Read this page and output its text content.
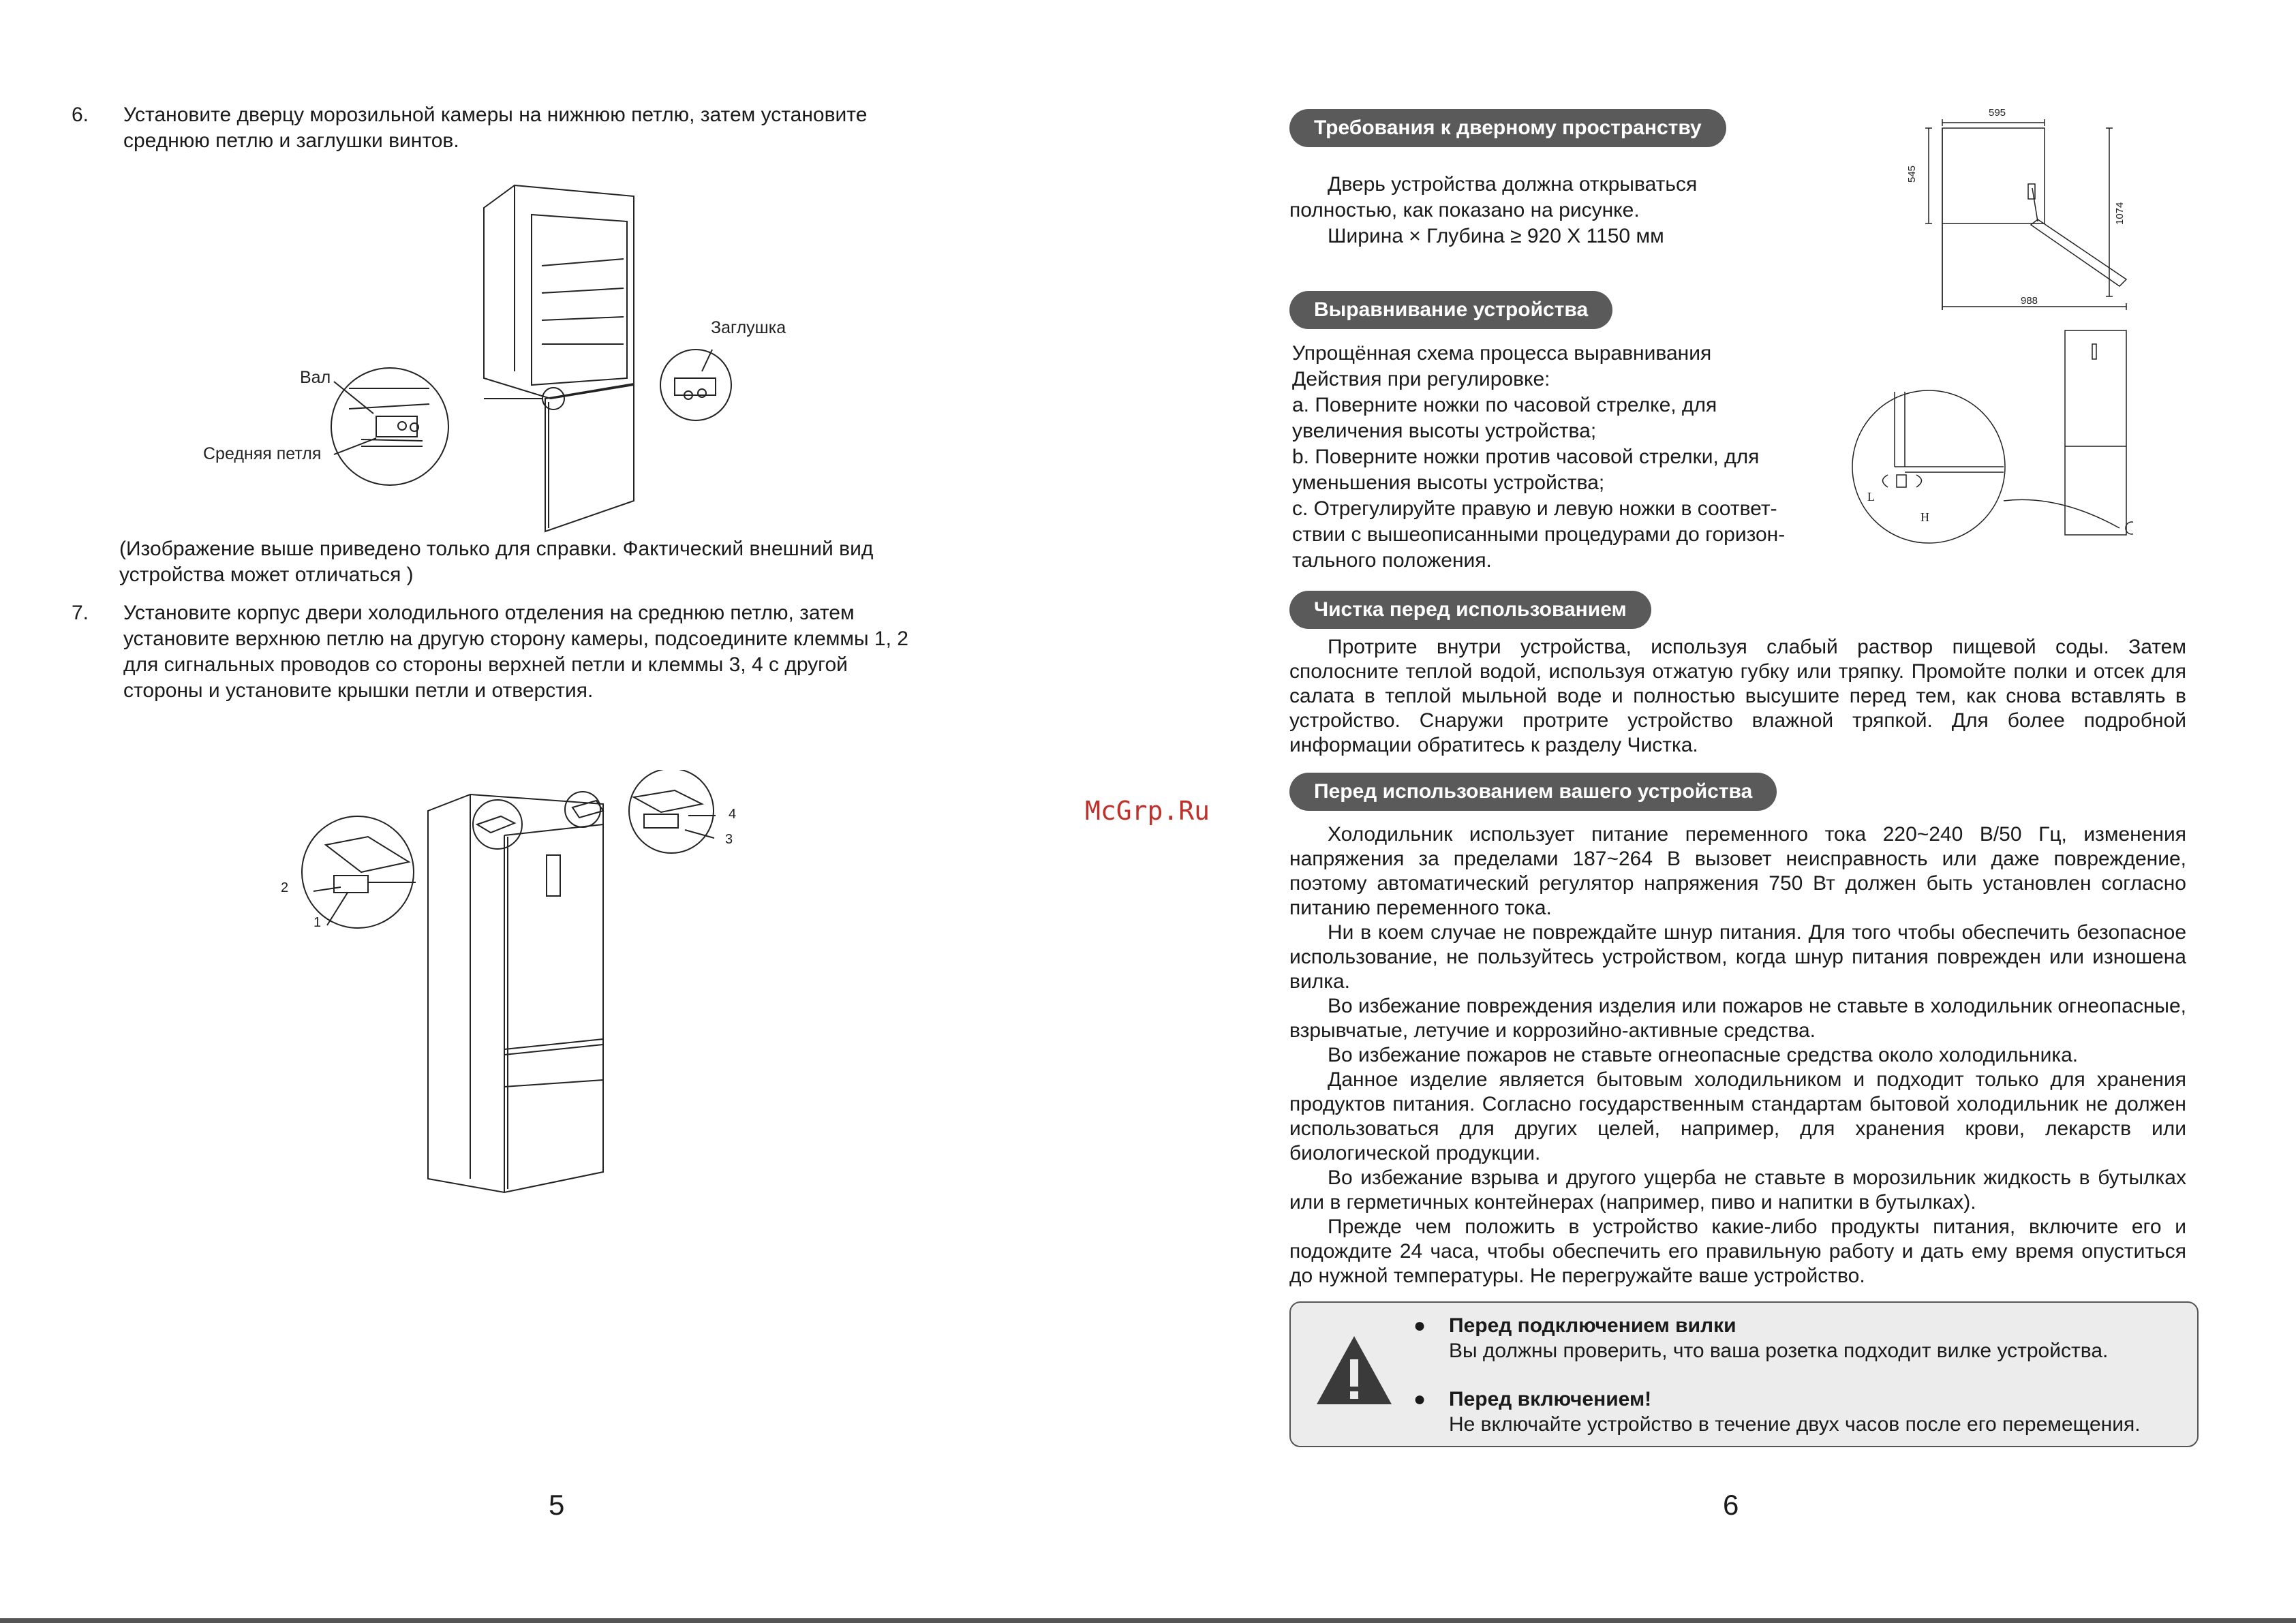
6. Установите дверцу морозильной камеры на нижнюю петлю, затем установите
среднюю петлю и заглушки винтов.
Вал
Средняя петля
Заглушка
(Изображение выше приведено только для справки. Фактический внешний вид
устройства может отличаться )
7. Установите корпус двери холодильного отделения на среднюю петлю, затем
установите верхнюю петлю на другую сторону камеры, подсоедините клеммы 1, 2
для сигнальных проводов со стороны верхней петли и клеммы 3, 4 с другой
стороны и установите крышки петли и отверстия.
2
1
4
3
5
McGrp.Ru
Требования к дверному пространству
Дверь устройства должна открываться
полностью, как показано на рисунке.
Ширина × Глубина ≥ 920 Х 1150 мм
595
545
1074
988
Выравнивание устройства
Упрощённая схема процесса выравнивания
Действия при регулировке:
a. Поверните ножки по часовой стрелке, для
увеличения высоты устройства;
b. Поверните ножки против часовой стрелки, для
уменьшения высоты устройства;
c. Отрегулируйте правую и левую ножки в соответ-
ствии с вышеописанными процедурами до горизон-
тального положения.
L
H
Чистка перед использованием

Протрите внутри устройства, используя слабый раствор пищевой соды. Затем сполосните теплой водой, используя отжатую губку или тряпку. Промойте полки и отсек для салата в теплой мыльной воде и полностью высушите перед тем, как снова вставлять в устройство. Снаружи протрите устройство влажной тряпкой. Для более подробной информации обратитесь к разделу Чистка.

Перед использованием вашего устройства

Холодильник использует питание переменного тока 220~240 В/50 Гц, изменения напряжения за пределами 187~264 В вызовет неисправность или даже повреждение, поэтому автоматический регулятор напряжения 750 Вт должен быть установлен согласно питанию переменного тока.

Ни в коем случае не повреждайте шнур питания. Для того чтобы обеспечить безопасное использование, не пользуйтесь устройством, когда шнур питания поврежден или изношена вилка.

Во избежание повреждения изделия или пожаров не ставьте в холодильник огнеопасные, взрывчатые, летучие и коррозийно-активные средства.

Во избежание пожаров не ставьте огнеопасные средства около холодильника.

Данное изделие является бытовым холодильником и подходит только для хранения продуктов питания. Согласно государственным стандартам бытовой холодильник не должен использоваться для других целей, например, для хранения крови, лекарств или биологической продукции.

Во избежание взрыва и другого ущерба не ставьте в морозильник жидкость в бутылках или в герметичных контейнерах (например, пиво и напитки в бутылках).

Прежде чем положить в устройство какие-либо продукты питания, включите его и подождите 24 часа, чтобы обеспечить его правильную работу и дать ему время опуститься до нужной температуры. Не перегружайте ваше устройство.

● Перед подключением вилки
Вы должны проверить, что ваша розетка подходит вилке устройства.
● Перед включением!
Не включайте устройство в течение двух часов после его перемещения.
6
